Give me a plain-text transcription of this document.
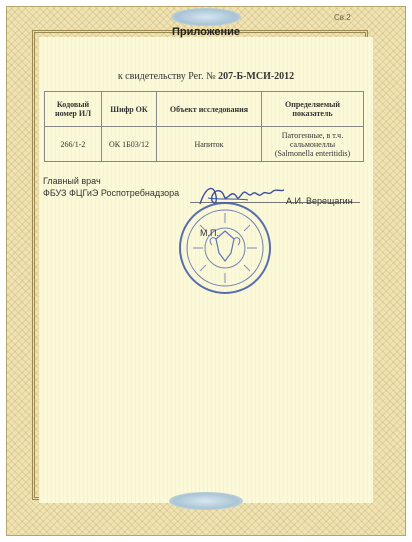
Св.2
Приложение
к свидетельству Рег. № 207-Б-МСИ-2012
Кодовый номер ИЛ	Шифр ОК	Объект исследования	Определяемый показатель
266/1-2	ОК 1Б03/12	Напиток	Патогенные, в т.ч. сальмонеллы
(Salmonella enteritidis)
Главный врач
ФБУЗ ФЦГиЭ Роспотребнадзора
А.И. Верещагин
М.П.
